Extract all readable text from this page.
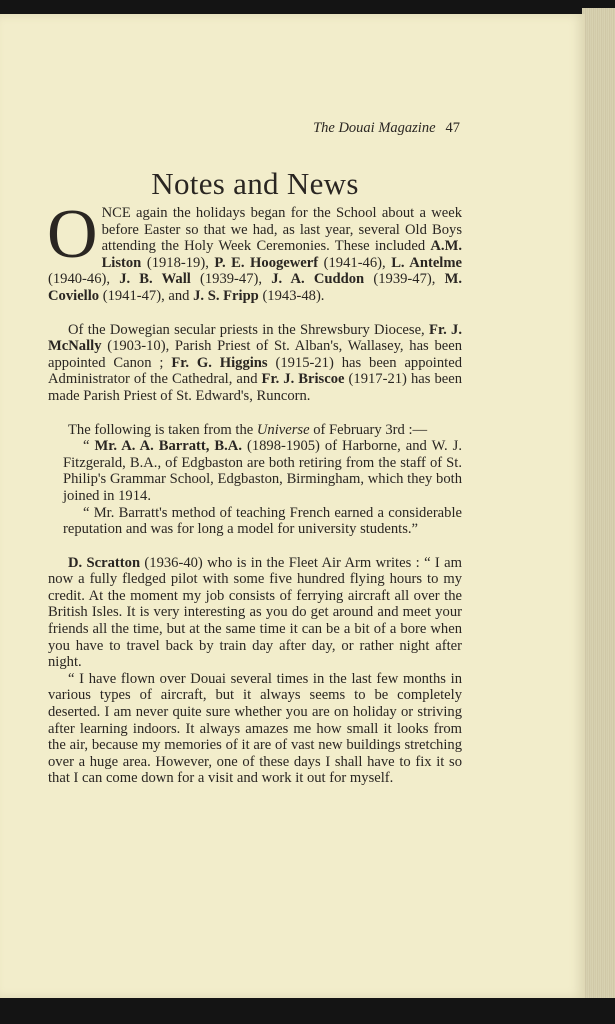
The Douai Magazine 47
Notes and News

ONCE again the holidays began for the School about a week before Easter so that we had, as last year, several Old Boys attending the Holy Week Ceremonies. These included A.M. Liston (1918-19), P. E. Hoogewerf (1941-46), L. Antelme (1940-46), J. B. Wall (1939-47), J. A. Cuddon (1939-47), M. Coviello (1941-47), and J. S. Fripp (1943-48).

Of the Dowegian secular priests in the Shrewsbury Diocese, Fr. J. McNally (1903-10), Parish Priest of St. Alban's, Wallasey, has been appointed Canon ; Fr. G. Higgins (1915-21) has been appointed Administrator of the Cathedral, and Fr. J. Briscoe (1917-21) has been made Parish Priest of St. Edward's, Runcorn.

The following is taken from the Universe of February 3rd :—

“ Mr. A. A. Barratt, B.A. (1898-1905) of Harborne, and W. J. Fitzgerald, B.A., of Edgbaston are both retiring from the staff of St. Philip's Grammar School, Edgbaston, Birmingham, which they both joined in 1914.

“ Mr. Barratt's method of teaching French earned a considerable reputation and was for long a model for university students.”

D. Scratton (1936-40) who is in the Fleet Air Arm writes : “ I am now a fully fledged pilot with some five hundred flying hours to my credit. At the moment my job consists of ferrying aircraft all over the British Isles. It is very interesting as you do get around and meet your friends all the time, but at the same time it can be a bit of a bore when you have to travel back by train day after day, or rather night after night.

“ I have flown over Douai several times in the last few months in various types of aircraft, but it always seems to be completely deserted. I am never quite sure whether you are on holiday or striving after learning indoors. It always amazes me how small it looks from the air, because my memories of it are of vast new buildings stretching over a huge area. However, one of these days I shall have to fix it so that I can come down for a visit and work it out for myself.
